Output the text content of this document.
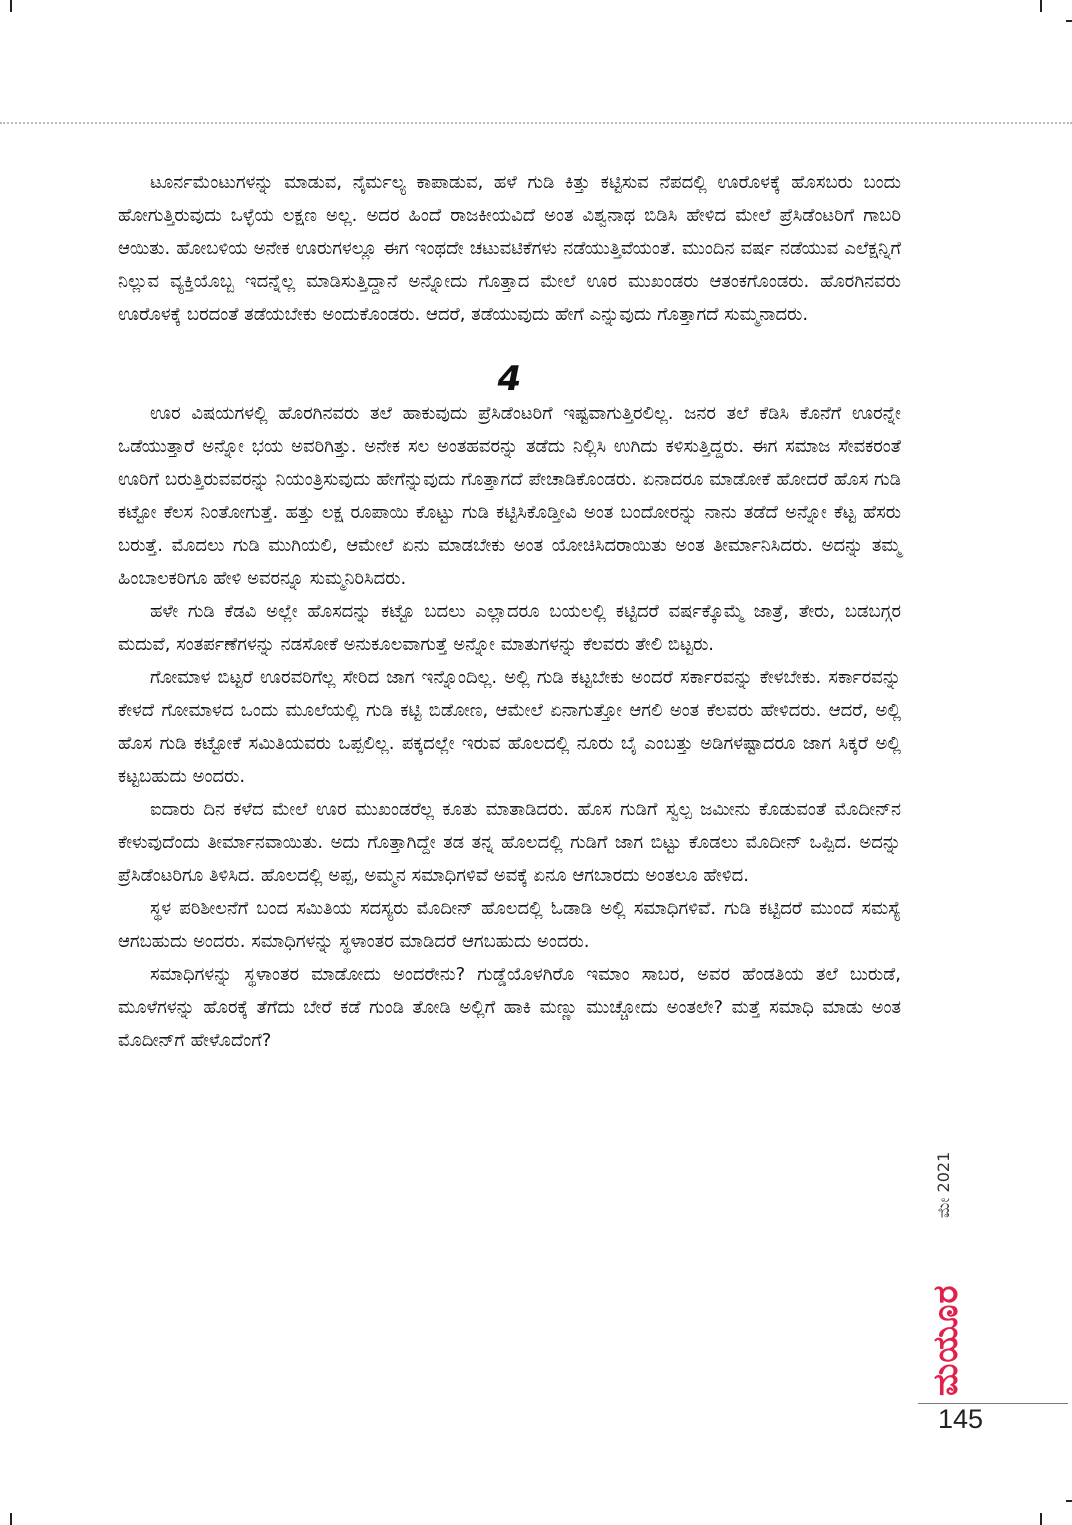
ಟೂರ್ನಮೆಂಟುಗಳನ್ನು ಮಾಡುವ, ನೈರ್ಮಲ್ಯ ಕಾಪಾಡುವ, ಹಳೆ ಗುಡಿ ಕಿತ್ತು ಕಟ್ಟಿಸುವ ನೆಪದಲ್ಲಿ ಊರೊಳಕ್ಕೆ ಹೊಸಬರು ಬಂದು ಹೋಗುತ್ತಿರುವುದು ಒಳ್ಳೆಯ ಲಕ್ಷಣ ಅಲ್ಲ. ಅದರ ಹಿಂದೆ ರಾಜಕೀಯವಿದೆ ಅಂತ ವಿಶ್ವನಾಥ ಬಿಡಿಸಿ ಹೇಳಿದ ಮೇಲೆ ಪ್ರೆಸಿಡೆಂಟರಿಗೆ ಗಾಬರಿ ಆಯಿತು. ಹೋಬಳಿಯ ಅನೇಕ ಊರುಗಳಲ್ಲೂ ಈಗ ಇಂಥದೇ ಚಟುವಟಿಕೆಗಳು ನಡೆಯುತ್ತಿವೆಯಂತೆ. ಮುಂದಿನ ವರ್ಷ ನಡೆಯುವ ಎಲೆಕ್ಷನ್ನಿಗೆ ನಿಲ್ಲುವ ವ್ಯಕ್ತಿಯೊಬ್ಬ ಇದನ್ನೆಲ್ಲ ಮಾಡಿಸುತ್ತಿದ್ದಾನೆ ಅನ್ನೋದು ಗೊತ್ತಾದ ಮೇಲೆ ಊರ ಮುಖಂಡರು ಆತಂಕಗೊಂಡರು. ಹೊರಗಿನವರು ಊರೊಳಕ್ಕೆ ಬರದಂತೆ ತಡೆಯಬೇಕು ಅಂದುಕೊಂಡರು. ಆದರೆ, ತಡೆಯುವುದು ಹೇಗೆ ಎನ್ನುವುದು ಗೊತ್ತಾಗದೆ ಸುಮ್ಮನಾದರು.

4

ಊರ ವಿಷಯಗಳಲ್ಲಿ ಹೊರಗಿನವರು ತಲೆ ಹಾಕುವುದು ಪ್ರೆಸಿಡೆಂಟರಿಗೆ ಇಷ್ಟವಾಗುತ್ತಿರಲಿಲ್ಲ. ಜನರ ತಲೆ ಕೆಡಿಸಿ ಕೊನೆಗೆ ಊರನ್ನೇ ಒಡೆಯುತ್ತಾರೆ ಅನ್ನೋ ಭಯ ಅವರಿಗಿತ್ತು. ಅನೇಕ ಸಲ ಅಂತಹವರನ್ನು ತಡೆದು ನಿಲ್ಲಿಸಿ ಉಗಿದು ಕಳಿಸುತ್ತಿದ್ದರು. ಈಗ ಸಮಾಜ ಸೇವಕರಂತೆ ಊರಿಗೆ ಬರುತ್ತಿರುವವರನ್ನು ನಿಯಂತ್ರಿಸುವುದು ಹೇಗೆನ್ನುವುದು ಗೊತ್ತಾಗದೆ ಪೇಚಾಡಿಕೊಂಡರು. ಏನಾದರೂ ಮಾಡೋಕೆ ಹೋದರೆ ಹೊಸ ಗುಡಿ ಕಟ್ಟೋ ಕೆಲಸ ನಿಂತೋಗುತ್ತೆ. ಹತ್ತು ಲಕ್ಷ ರೂಪಾಯಿ ಕೊಟ್ಟು ಗುಡಿ ಕಟ್ಟಿಸಿಕೊಡ್ತೀವಿ ಅಂತ ಬಂದೋರನ್ನು ನಾನು ತಡೆದೆ ಅನ್ನೋ ಕೆಟ್ಟ ಹೆಸರು ಬರುತ್ತೆ. ಮೊದಲು ಗುಡಿ ಮುಗಿಯಲಿ, ಆಮೇಲೆ ಏನು ಮಾಡಬೇಕು ಅಂತ ಯೋಚಿಸಿದರಾಯಿತು ಅಂತ ತೀರ್ಮಾನಿಸಿದರು. ಅದನ್ನು ತಮ್ಮ ಹಿಂಬಾಲಕರಿಗೂ ಹೇಳಿ ಅವರನ್ನೂ ಸುಮ್ಮನಿರಿಸಿದರು.

ಹಳೇ ಗುಡಿ ಕೆಡವಿ ಅಲ್ಲೇ ಹೊಸದನ್ನು ಕಟ್ಟೊ ಬದಲು ಎಲ್ಲಾದರೂ ಬಯಲಲ್ಲಿ ಕಟ್ಟಿದರೆ ವರ್ಷಕ್ಕೊಮ್ಮೆ ಜಾತ್ರೆ, ತೇರು, ಬಡಬಗ್ಗರ ಮದುವೆ, ಸಂತರ್ಪಣೆಗಳನ್ನು ನಡಸೋಕೆ ಅನುಕೂಲವಾಗುತ್ತೆ ಅನ್ನೋ ಮಾತುಗಳನ್ನು ಕೆಲವರು ತೇಲಿ ಬಿಟ್ಟರು.

ಗೋಮಾಳ ಬಿಟ್ಟರೆ ಊರವರಿಗೆಲ್ಲ ಸೇರಿದ ಜಾಗ ಇನ್ನೊಂದಿಲ್ಲ. ಅಲ್ಲಿ ಗುಡಿ ಕಟ್ಟಬೇಕು ಅಂದರೆ ಸರ್ಕಾರವನ್ನು ಕೇಳಬೇಕು. ಸರ್ಕಾರವನ್ನು ಕೇಳದೆ ಗೋಮಾಳದ ಒಂದು ಮೂಲೆಯಲ್ಲಿ ಗುಡಿ ಕಟ್ಟಿ ಬಿಡೋಣ, ಆಮೇಲೆ ಏನಾಗುತ್ತೋ ಆಗಲಿ ಅಂತ ಕೆಲವರು ಹೇಳಿದರು. ಆದರೆ, ಅಲ್ಲಿ ಹೊಸ ಗುಡಿ ಕಟ್ಟೋಕೆ ಸಮಿತಿಯವರು ಒಪ್ಪಲಿಲ್ಲ. ಪಕ್ಕದಲ್ಲೇ ಇರುವ ಹೊಲದಲ್ಲಿ ನೂರು ಬೈ ಎಂಬತ್ತು ಅಡಿಗಳಷ್ಟಾದರೂ ಜಾಗ ಸಿಕ್ಕರೆ ಅಲ್ಲಿ ಕಟ್ಟಬಹುದು ಅಂದರು.

ಐದಾರು ದಿನ ಕಳೆದ ಮೇಲೆ ಊರ ಮುಖಂಡರೆಲ್ಲ ಕೂತು ಮಾತಾಡಿದರು. ಹೊಸ ಗುಡಿಗೆ ಸ್ವಲ್ಪ ಜಮೀನು ಕೊಡುವಂತೆ ಮೊದೀನ್‌ನ ಕೇಳುವುದೆಂದು ತೀರ್ಮಾನವಾಯಿತು. ಅದು ಗೊತ್ತಾಗಿದ್ದೇ ತಡ ತನ್ನ ಹೊಲದಲ್ಲಿ ಗುಡಿಗೆ ಜಾಗ ಬಿಟ್ಟು ಕೊಡಲು ಮೊದೀನ್ ಒಪ್ಪಿದ. ಅದನ್ನು ಪ್ರೆಸಿಡೆಂಟರಿಗೂ ತಿಳಿಸಿದ. ಹೊಲದಲ್ಲಿ ಅಪ್ಪ, ಅಮ್ಮನ ಸಮಾಧಿಗಳಿವೆ ಅವಕ್ಕೆ ಏನೂ ಆಗಬಾರದು ಅಂತಲೂ ಹೇಳಿದ.

ಸ್ಥಳ ಪರಿಶೀಲನೆಗೆ ಬಂದ ಸಮಿತಿಯ ಸದಸ್ಯರು ಮೊದೀನ್ ಹೊಲದಲ್ಲಿ ಓಡಾಡಿ ಅಲ್ಲಿ ಸಮಾಧಿಗಳಿವೆ. ಗುಡಿ ಕಟ್ಟಿದರೆ ಮುಂದೆ ಸಮಸ್ಯೆ ಆಗಬಹುದು ಅಂದರು. ಸಮಾಧಿಗಳನ್ನು ಸ್ಥಳಾಂತರ ಮಾಡಿದರೆ ಆಗಬಹುದು ಅಂದರು.

ಸಮಾಧಿಗಳನ್ನು ಸ್ಥಳಾಂತರ ಮಾಡೋದು ಅಂದರೇನು? ಗುಡ್ಡೆಯೊಳಗಿರೊ ಇಮಾಂ ಸಾಬರ, ಅವರ ಹೆಂಡತಿಯ ತಲೆ ಬುರುಡೆ, ಮೂಳೆಗಳನ್ನು ಹೊರಕ್ಕೆ ತೆಗೆದು ಬೇರೆ ಕಡೆ ಗುಂಡಿ ತೋಡಿ ಅಲ್ಲಿಗೆ ಹಾಕಿ ಮಣ್ಣು ಮುಚ್ಚೋದು ಅಂತಲೇ? ಮತ್ತೆ ಸಮಾಧಿ ಮಾಡು ಅಂತ ಮೊದೀನ್‌ಗೆ ಹೇಳೊದೆಂಗೆ?

ಮೇ 2021
ಮಯೂರ
145
